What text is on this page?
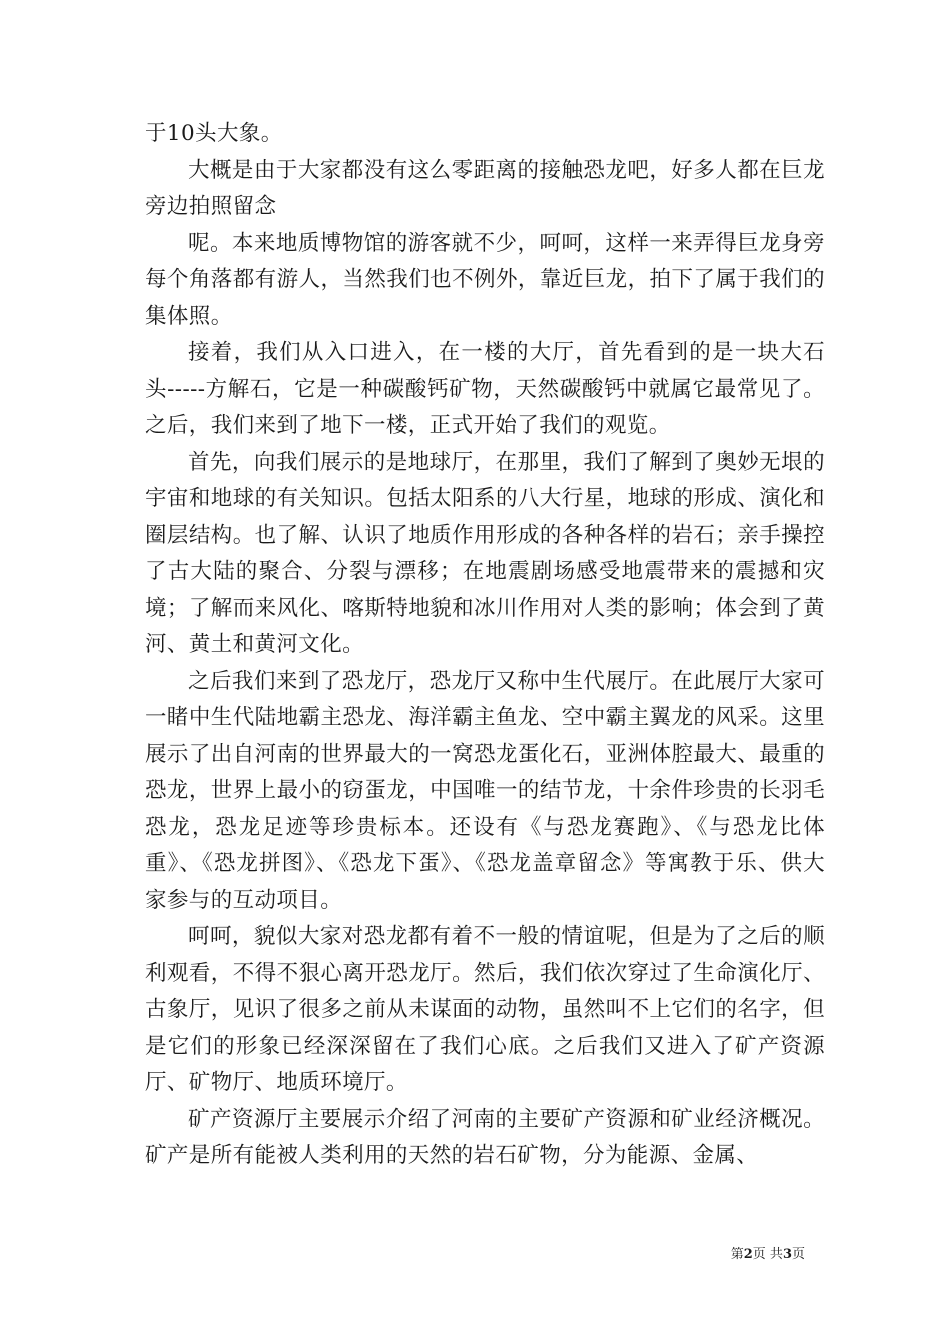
于10头大象。

大概是由于大家都没有这么零距离的接触恐龙吧，好多人都在巨龙旁边拍照留念

呢。本来地质博物馆的游客就不少，呵呵，这样一来弄得巨龙身旁每个角落都有游人，当然我们也不例外，靠近巨龙，拍下了属于我们的集体照。

接着，我们从入口进入，在一楼的大厅，首先看到的是一块大石头-----方解石，它是一种碳酸钙矿物，天然碳酸钙中就属它最常见了。之后，我们来到了地下一楼，正式开始了我们的观览。

首先，向我们展示的是地球厅，在那里，我们了解到了奥妙无垠的宇宙和地球的有关知识。包括太阳系的八大行星，地球的形成、演化和圈层结构。也了解、认识了地质作用形成的各种各样的岩石；亲手操控了古大陆的聚合、分裂与漂移；在地震剧场感受地震带来的震撼和灾境；了解而来风化、喀斯特地貌和冰川作用对人类的影响；体会到了黄河、黄土和黄河文化。

之后我们来到了恐龙厅，恐龙厅又称中生代展厅。在此展厅大家可一睹中生代陆地霸主恐龙、海洋霸主鱼龙、空中霸主翼龙的风采。这里展示了出自河南的世界最大的一窝恐龙蛋化石，亚洲体腔最大、最重的恐龙，世界上最小的窃蛋龙，中国唯一的结节龙，十余件珍贵的长羽毛恐龙，恐龙足迹等珍贵标本。还设有《与恐龙赛跑》、《与恐龙比体重》、《恐龙拼图》、《恐龙下蛋》、《恐龙盖章留念》等寓教于乐、供大家参与的互动项目。

呵呵，貌似大家对恐龙都有着不一般的情谊呢，但是为了之后的顺利观看，不得不狠心离开恐龙厅。然后，我们依次穿过了生命演化厅、古象厅，见识了很多之前从未谋面的动物，虽然叫不上它们的名字，但是它们的形象已经深深留在了我们心底。之后我们又进入了矿产资源厅、矿物厅、地质环境厅。

矿产资源厅主要展示介绍了河南的主要矿产资源和矿业经济概况。矿产是所有能被人类利用的天然的岩石矿物，分为能源、金属、

第2页 共3页
